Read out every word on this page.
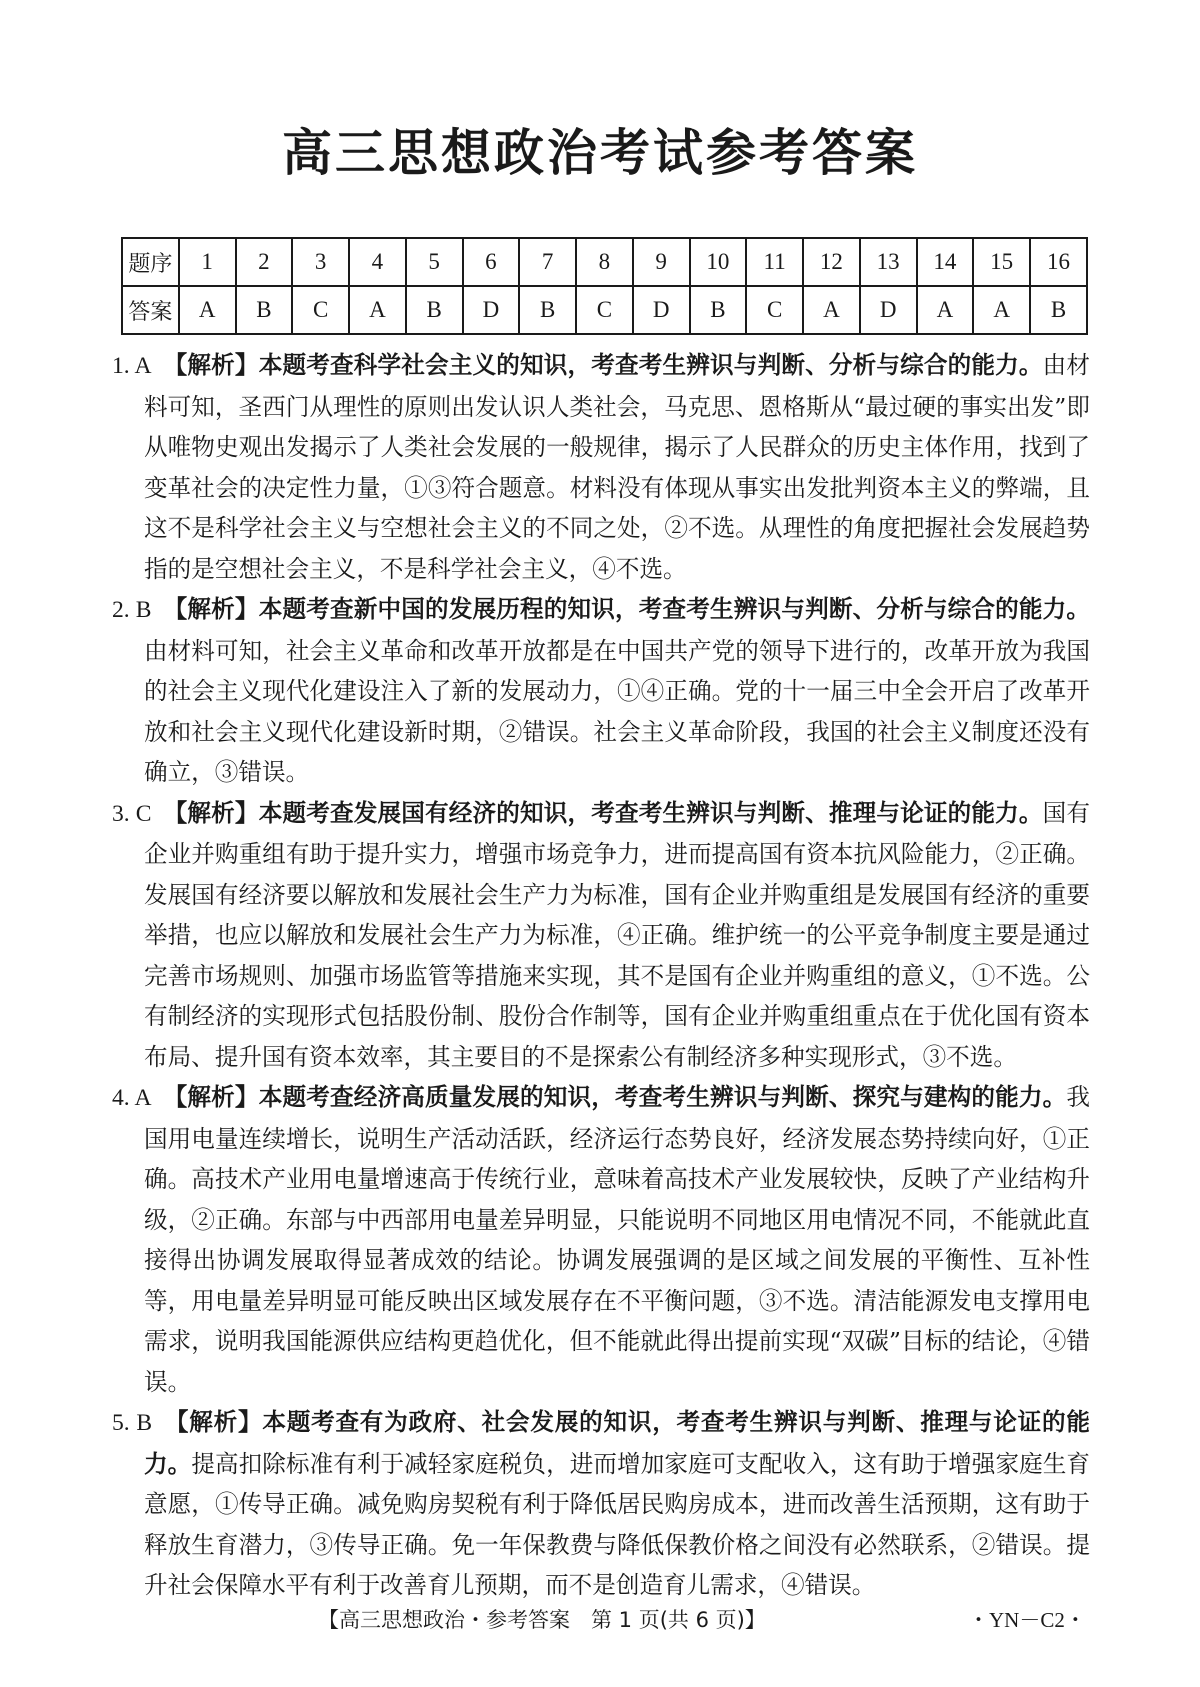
高三思想政治考试参考答案
题序	1	2	3	4	5	6	7	8	9	10	11	12	13	14	15	16
答案	A	B	C	A	B	D	B	C	D	B	C	A	D	A	A	B

1. A 【解析】本题考查科学社会主义的知识，考查考生辨识与判断、分析与综合的能力。由材料可知，圣西门从理性的原则出发认识人类社会，马克思、恩格斯从“最过硬的事实出发”即从唯物史观出发揭示了人类社会发展的一般规律，揭示了人民群众的历史主体作用，找到了变革社会的决定性力量，①③符合题意。材料没有体现从事实出发批判资本主义的弊端，且这不是科学社会主义与空想社会主义的不同之处，②不选。从理性的角度把握社会发展趋势指的是空想社会主义，不是科学社会主义，④不选。

2. B 【解析】本题考查新中国的发展历程的知识，考查考生辨识与判断、分析与综合的能力。由材料可知，社会主义革命和改革开放都是在中国共产党的领导下进行的，改革开放为我国的社会主义现代化建设注入了新的发展动力，①④正确。党的十一届三中全会开启了改革开放和社会主义现代化建设新时期，②错误。社会主义革命阶段，我国的社会主义制度还没有确立，③错误。

3. C 【解析】本题考查发展国有经济的知识，考查考生辨识与判断、推理与论证的能力。国有企业并购重组有助于提升实力，增强市场竞争力，进而提高国有资本抗风险能力，②正确。发展国有经济要以解放和发展社会生产力为标准，国有企业并购重组是发展国有经济的重要举措，也应以解放和发展社会生产力为标准，④正确。维护统一的公平竞争制度主要是通过完善市场规则、加强市场监管等措施来实现，其不是国有企业并购重组的意义，①不选。公有制经济的实现形式包括股份制、股份合作制等，国有企业并购重组重点在于优化国有资本布局、提升国有资本效率，其主要目的不是探索公有制经济多种实现形式，③不选。

4. A 【解析】本题考查经济高质量发展的知识，考查考生辨识与判断、探究与建构的能力。我国用电量连续增长，说明生产活动活跃，经济运行态势良好，经济发展态势持续向好，①正确。高技术产业用电量增速高于传统行业，意味着高技术产业发展较快，反映了产业结构升级，②正确。东部与中西部用电量差异明显，只能说明不同地区用电情况不同，不能就此直接得出协调发展取得显著成效的结论。协调发展强调的是区域之间发展的平衡性、互补性等，用电量差异明显可能反映出区域发展存在不平衡问题，③不选。清洁能源发电支撑用电需求，说明我国能源供应结构更趋优化，但不能就此得出提前实现“双碳”目标的结论，④错误。

5. B 【解析】本题考查有为政府、社会发展的知识，考查考生辨识与判断、推理与论证的能力。提高扣除标准有利于减轻家庭税负，进而增加家庭可支配收入，这有助于增强家庭生育意愿，①传导正确。减免购房契税有利于降低居民购房成本，进而改善生活预期，这有助于释放生育潜力，③传导正确。免一年保教费与降低保教价格之间没有必然联系，②错误。提升社会保障水平有利于改善育儿预期，而不是创造育儿需求，④错误。

【高三思想政治・参考答案　第 1 页(共 6 页)】	・YN－C2・
